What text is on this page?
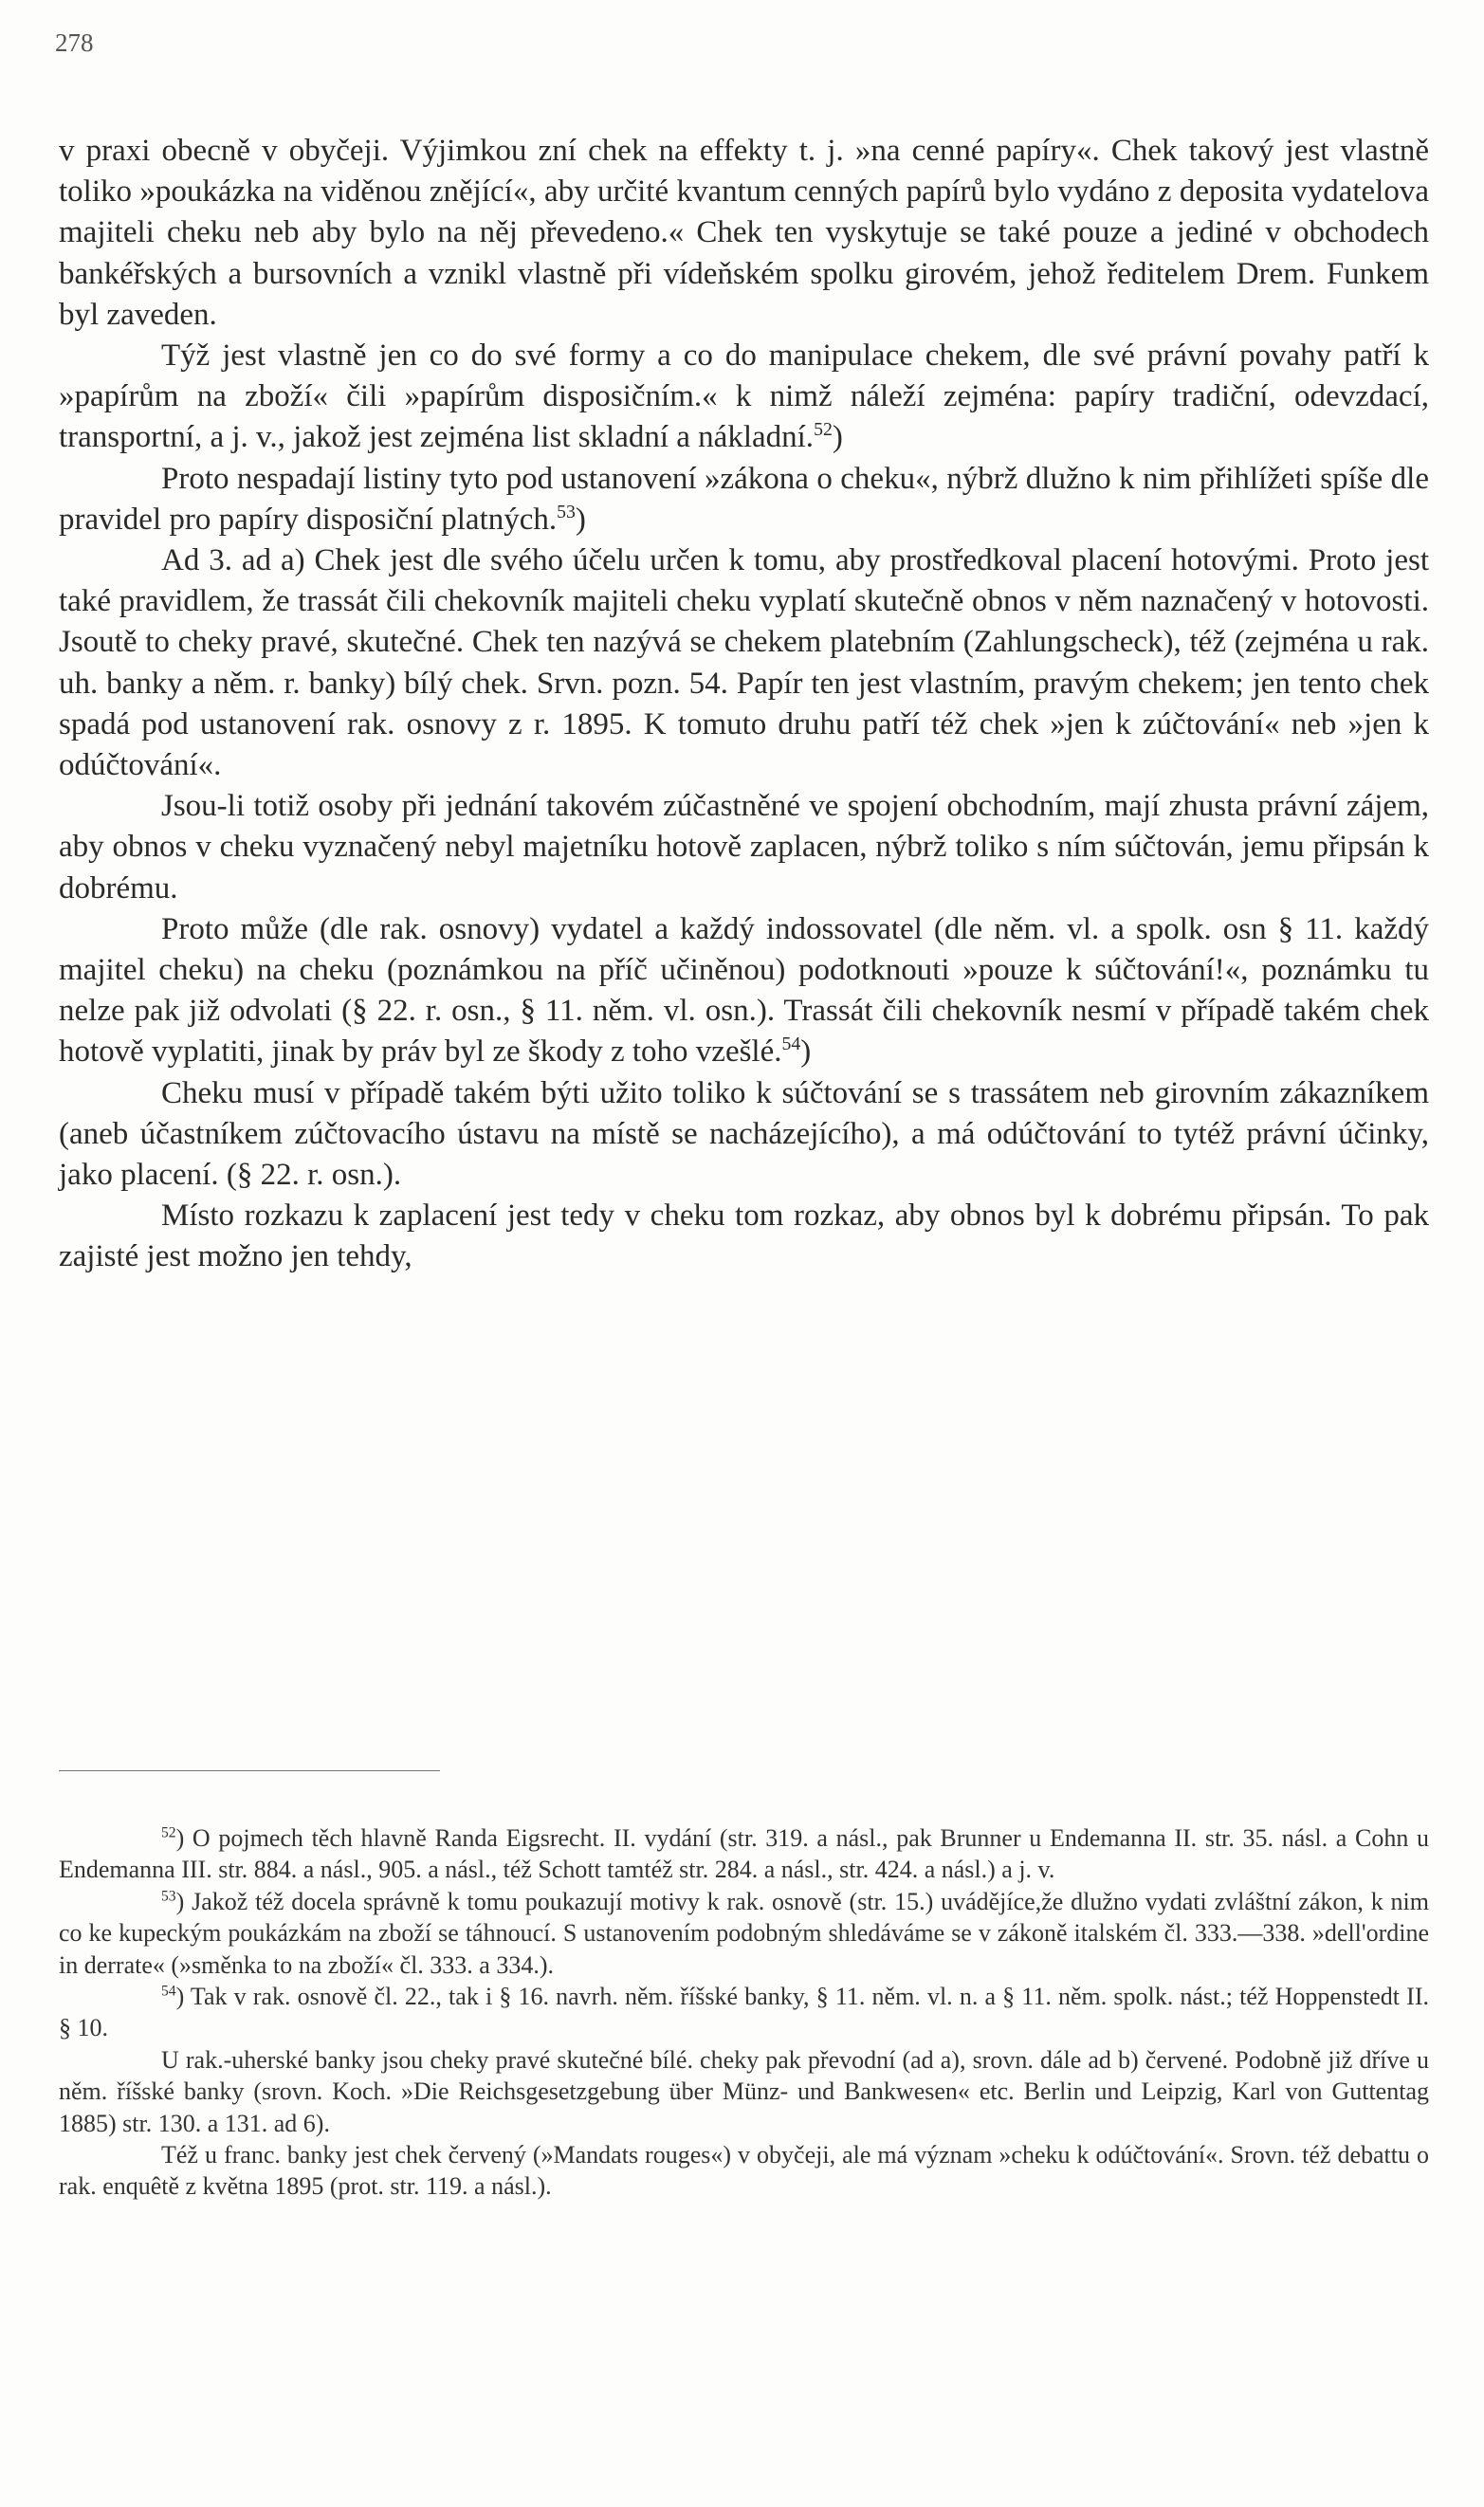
278

v praxi obecně v obyčeji. Výjimkou zní chek na effekty t. j. »na cenné papíry«. Chek takový jest vlastně toliko »poukázka na viděnou znějící«, aby určité kvantum cenných papírů bylo vydáno z deposita vydatelova majiteli cheku neb aby bylo na něj převedeno.« Chek ten vyskytuje se také pouze a jediné v obchodech bankéřských a bursovních a vznikl vlastně při vídeňském spolku girovém, jehož ředitelem Drem. Funkem byl zaveden.

Týž jest vlastně jen co do své formy a co do manipulace chekem, dle své právní povahy patří k »papírům na zboží« čili »papírům disposičním.« k nimž náleží zejména: papíry tradiční, odevzdací, transportní, a j. v., jakož jest zejména list skladní a nákladní.$^{52}$)

Proto nespadají listiny tyto pod ustanovení »zákona o cheku«, nýbrž dlužno k nim přihlížeti spíše dle pravidel pro papíry disposiční platných.$^{53}$)

Ad 3. ad a) Chek jest dle svého účelu určen k tomu, aby prostředkoval placení hotovými. Proto jest také pravidlem, že trassát čili chekovník majiteli cheku vyplatí skutečně obnos v něm naznačený v hotovosti. Jsoutě to cheky pravé, skutečné. Chek ten nazývá se chekem platebním (Zahlungscheck), též (zejména u rak. uh. banky a něm. r. banky) bílý chek. Srvn. pozn. 54. Papír ten jest vlastním, pravým chekem; jen tento chek spadá pod ustanovení rak. osnovy z r. 1895. K tomuto druhu patří též chek »jen k zúčtování« neb »jen k odúčtování«.

Jsou-li totiž osoby při jednání takovém zúčastněné ve spojení obchodním, mají zhusta právní zájem, aby obnos v cheku vyznačený nebyl majetníku hotově zaplacen, nýbrž toliko s ním súčtován, jemu připsán k dobrému.

Proto může (dle rak. osnovy) vydatel a každý indossovatel (dle něm. vl. a spolk. osn § 11. každý majitel cheku) na cheku (poznámkou na příč učiněnou) podotknouti »pouze k súčtování!«, poznámku tu nelze pak již odvolati (§ 22. r. osn., § 11. něm. vl. osn.). Trassát čili chekovník nesmí v případě takém chek hotově vyplatiti, jinak by práv byl ze škody z toho vzešlé.$^{54}$)

Cheku musí v případě takém býti užito toliko k súčtování se s trassátem neb girovním zákazníkem (aneb účastníkem zúčtovacího ústavu na místě se nacházejícího), a má odúčtování to tytéž právní účinky, jako placení. (§ 22. r. osn.).

Místo rozkazu k zaplacení jest tedy v cheku tom rozkaz, aby obnos byl k dobrému připsán. To pak zajisté jest možno jen tehdy,

$^{52}$) O pojmech těch hlavně Randa Eigsrecht. II. vydání (str. 319. a násl., pak Brunner u Endemanna II. str. 35. násl. a Cohn u Endemanna III. str. 884. a násl., 905. a násl., též Schott tamtéž str. 284. a násl., str. 424. a násl.) a j. v.

$^{53}$) Jakož též docela správně k tomu poukazují motivy k rak. osnově (str. 15.) uvádějíce,že dlužno vydati zvláštní zákon, k nim co ke kupeckým poukázkám na zboží se táhnoucí. S ustanovením podobným shledáváme se v zákoně italském čl. 333.—338. »dell'ordine in derrate« (»směnka to na zboží« čl. 333. a 334.).

$^{54}$) Tak v rak. osnově čl. 22., tak i § 16. navrh. něm. říšské banky, § 11. něm. vl. n. a § 11. něm. spolk. nást.; též Hoppenstedt II. § 10.

U rak.-uherské banky jsou cheky pravé skutečné bílé. cheky pak převodní (ad a), srovn. dále ad b) červené. Podobně již dříve u něm. říšské banky (srovn. Koch. »Die Reichsgesetzgebung über Münz- und Bankwesen« etc. Berlin und Leipzig, Karl von Guttentag 1885) str. 130. a 131. ad 6).

Též u franc. banky jest chek červený (»Mandats rouges«) v obyčeji, ale má význam »cheku k odúčtování«. Srovn. též debattu o rak. enquêtě z května 1895 (prot. str. 119. a násl.).
